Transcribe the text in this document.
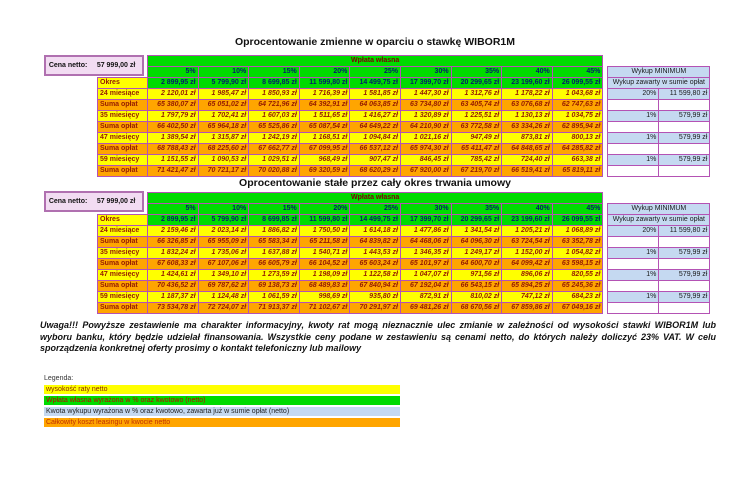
Oprocentowanie zmienne w oparciu o stawkę WIBOR1M
Cena netto:	57 999,00 zł
	Wpłata własna											
	5%	10%	15%	20%	25%	30%	35%	40%	45%		Wykup MINIMUM	
Okres	2 899,95 zł	5 799,90 zł	8 699,85 zł	11 599,80 zł	14 499,75 zł	17 399,70 zł	20 299,65 zł	23 199,60 zł	26 099,55 zł		Wykup zawarty w sumie opłat	
24 miesiące	2 120,01 zł	1 985,47 zł	1 850,93 zł	1 716,39 zł	1 581,85 zł	1 447,30 zł	1 312,76 zł	1 178,22 zł	1 043,68 zł		20%	11 599,80 zł
Suma opłat	65 380,07 zł	65 051,02 zł	64 721,96 zł	64 392,91 zł	64 063,85 zł	63 734,80 zł	63 405,74 zł	63 076,68 zł	62 747,63 zł			
35 miesięcy	1 797,79 zł	1 702,41 zł	1 607,03 zł	1 511,65 zł	1 416,27 zł	1 320,89 zł	1 225,51 zł	1 130,13 zł	1 034,75 zł		1%	579,99 zł
Suma opłat	66 402,50 zł	65 964,18 zł	65 525,86 zł	65 087,54 zł	64 649,22 zł	64 210,90 zł	63 772,58 zł	63 334,26 zł	62 895,94 zł			
47 miesięcy	1 389,54 zł	1 315,87 zł	1 242,19 zł	1 168,51 zł	1 094,84 zł	1 021,16 zł	947,49 zł	873,81 zł	800,13 zł		1%	579,99 zł
Suma opłat	68 788,43 zł	68 225,60 zł	67 662,77 zł	67 099,95 zł	66 537,12 zł	65 974,30 zł	65 411,47 zł	64 848,65 zł	64 285,82 zł			
59 miesięcy	1 151,55 zł	1 090,53 zł	1 029,51 zł	968,49 zł	907,47 zł	846,45 zł	785,42 zł	724,40 zł	663,38 zł		1%	579,99 zł
Suma opłat	71 421,47 zł	70 721,17 zł	70 020,88 zł	69 320,59 zł	68 620,29 zł	67 920,00 zł	67 219,70 zł	66 519,41 zł	65 819,11 zł			
Oprocentowanie stałe przez cały okres trwania umowy
Cena netto:	57 999,00 zł
	Wpłata własna											
	5%	10%	15%	20%	25%	30%	35%	40%	45%		Wykup MINIMUM	
Okres	2 899,95 zł	5 799,90 zł	8 699,85 zł	11 599,80 zł	14 499,75 zł	17 399,70 zł	20 299,65 zł	23 199,60 zł	26 099,55 zł		Wykup zawarty w sumie opłat	
24 miesiące	2 159,46 zł	2 023,14 zł	1 886,82 zł	1 750,50 zł	1 614,18 zł	1 477,86 zł	1 341,54 zł	1 205,21 zł	1 068,89 zł		20%	11 599,80 zł
Suma opłat	66 326,85 zł	65 955,09 zł	65 583,34 zł	65 211,58 zł	64 839,82 zł	64 468,06 zł	64 096,30 zł	63 724,54 zł	63 352,78 zł			
35 miesięcy	1 832,24 zł	1 735,06 zł	1 637,88 zł	1 540,71 zł	1 443,53 zł	1 346,35 zł	1 249,17 zł	1 152,00 zł	1 054,82 zł		1%	579,99 zł
Suma opłat	67 608,33 zł	67 107,06 zł	66 605,79 zł	66 104,52 zł	65 603,24 zł	65 101,97 zł	64 600,70 zł	64 099,42 zł	63 598,15 zł			
47 miesięcy	1 424,61 zł	1 349,10 zł	1 273,59 zł	1 198,09 zł	1 122,58 zł	1 047,07 zł	971,56 zł	896,06 zł	820,55 zł		1%	579,99 zł
Suma opłat	70 436,52 zł	69 787,62 zł	69 138,73 zł	68 489,83 zł	67 840,94 zł	67 192,04 zł	66 543,15 zł	65 894,25 zł	65 245,36 zł			
59 miesięcy	1 187,37 zł	1 124,48 zł	1 061,59 zł	998,69 zł	935,80 zł	872,91 zł	810,02 zł	747,12 zł	684,23 zł		1%	579,99 zł
Suma opłat	73 534,78 zł	72 724,07 zł	71 913,37 zł	71 102,67 zł	70 291,97 zł	69 481,26 zł	68 670,56 zł	67 859,86 zł	67 049,16 zł			
Uwaga!!! Powyższe zestawienie ma charakter informacyjny, kwoty rat mogą nieznacznie ulec zmianie w zależności od wysokości stawki WIBOR1M lub wyboru banku, który będzie udzielał finansowania. Wszystkie ceny podane w zestawieniu są cenami netto, do których należy doliczyć 23% VAT. W celu sporządzenia konkretnej oferty prosimy o kontakt telefoniczny lub mailowy
Legenda:
wysokość raty netto
Wpłata własna wyrażona w % oraz kwotowo (netto)
Kwota wykupu wyrażona w % oraz kwotowo, zawarta już w sumie opłat (netto)
Całkowity koszt leasingu w kwocie netto
